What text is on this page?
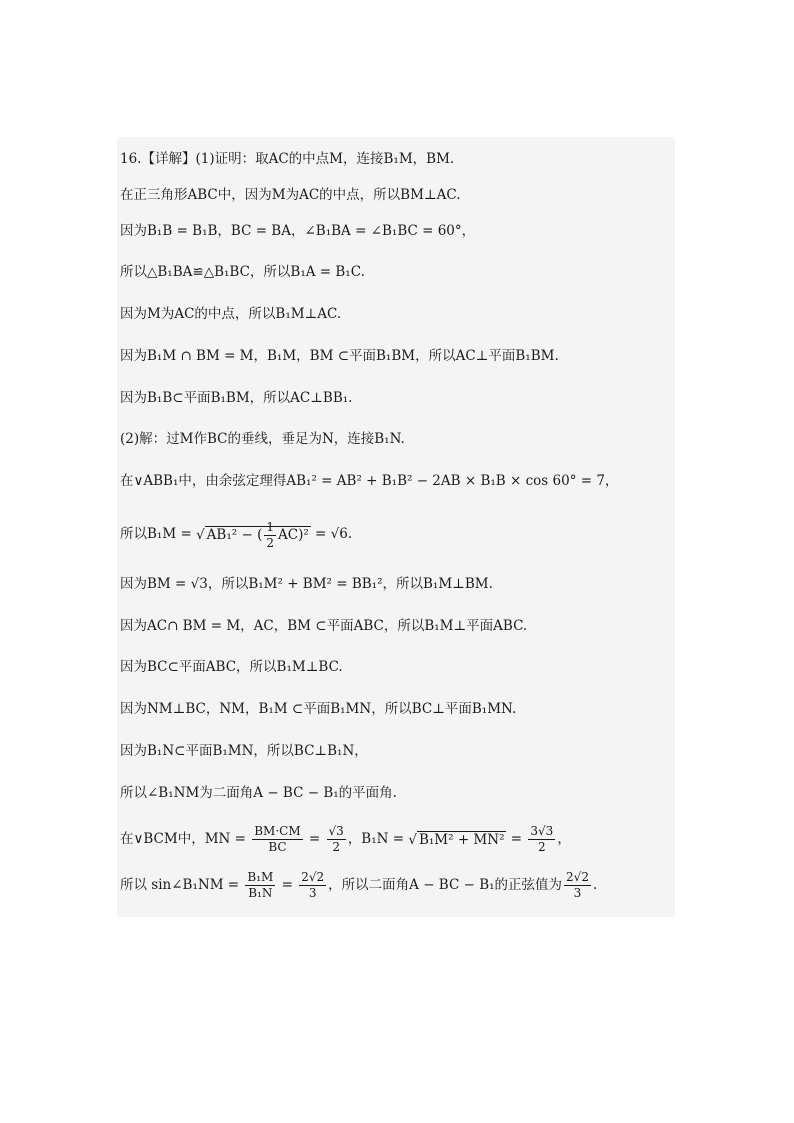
16.【详解】(1)证明：取AC的中点M，连接B₁M，BM.
在正三角形ABC中，因为M为AC的中点，所以BM⊥AC.
因为B₁B = B₁B，BC = BA，∠B₁BA = ∠B₁BC = 60°，
所以△B₁BA≌△B₁BC，所以B₁A = B₁C.
因为M为AC的中点，所以B₁M⊥AC.
因为B₁M ∩ BM = M，B₁M，BM ⊂平面B₁BM，所以AC⊥平面B₁BM.
因为B₁B⊂平面B₁BM，所以AC⊥BB₁.
(2)解：过M作BC的垂线，垂足为N，连接B₁N.
在∨ABB₁中，由余弦定理得AB₁² = AB² + B₁B² − 2AB × B₁B × cos 60° = 7，
所以B₁M = √ AB₁² − ( $\frac{1}{2} AC)^2 = √6$.
因为BM = √3，所以B₁M² + BM² = BB₁²，所以B₁M⊥BM.
因为AC∩ BM = M，AC，BM ⊂平面ABC，所以B₁M⊥平面ABC.
因为BC⊂平面ABC，所以B₁M⊥BC.
因为NM⊥BC，NM，B₁M ⊂平面B₁MN，所以BC⊥平面B₁MN.
因为B₁N⊂平面B₁MN，所以BC⊥B₁N，
所以∠B₁NM为二面角A − BC − B₁的平面角.
在∨BCM中，MN = $\frac{BM\cdot CM}{BC} = \frac{√3}{2}$ ，B₁N = √ $B_1M^2 + MN^2 = \frac{3√3}{2}$ ，
所以 sin∠B₁NM = $\frac{\text{B₁M}}{\text{B₁N}} = \frac{2√2}{3}$ ，所以二面角A − BC − B₁的正弦值为 $\frac{2√2}{3}$ .
